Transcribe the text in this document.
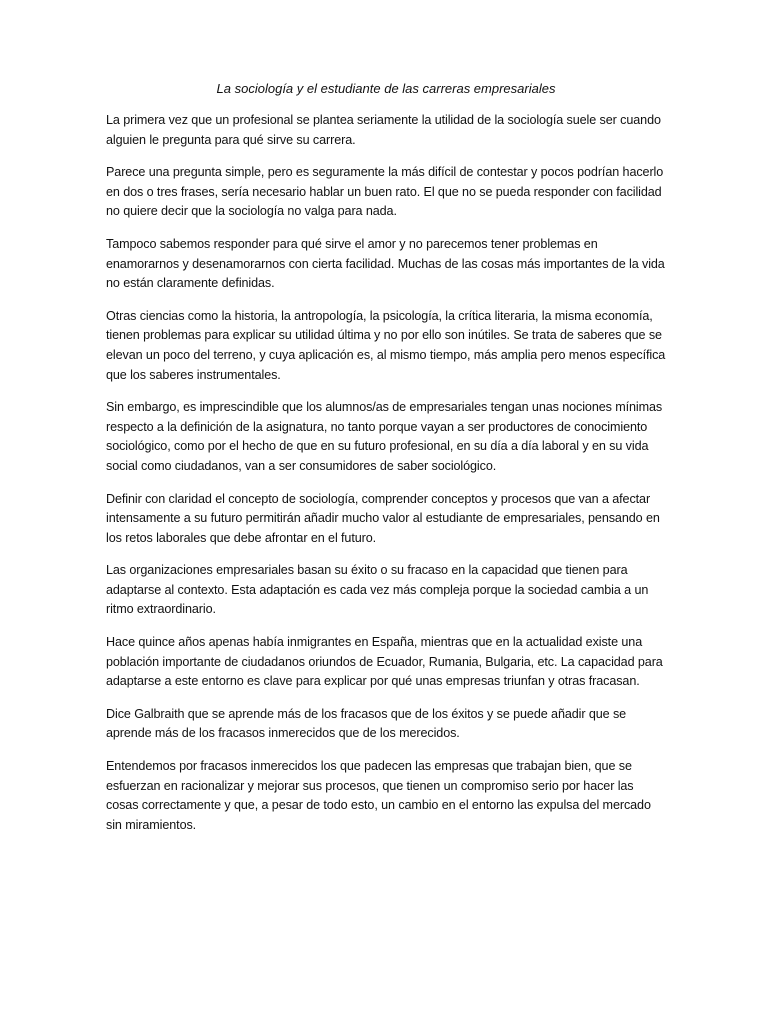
La sociología y el estudiante de las carreras empresariales

La primera vez que un profesional se plantea seriamente la utilidad de la sociología suele ser cuando alguien le pregunta para qué sirve su carrera.

Parece una pregunta simple, pero es seguramente la más difícil de contestar y pocos podrían hacerlo en dos o tres frases, sería necesario hablar un buen rato. El que no se pueda responder con facilidad no quiere decir que la sociología no valga para nada.

Tampoco sabemos responder para qué sirve el amor y no parecemos tener problemas en enamorarnos y desenamorarnos con cierta facilidad. Muchas de las cosas más importantes de la vida no están claramente definidas.

Otras ciencias como la historia, la antropología, la psicología, la crítica literaria, la misma economía, tienen problemas para explicar su utilidad última y no por ello son inútiles. Se trata de saberes que se elevan un poco del terreno, y cuya aplicación es, al mismo tiempo, más amplia pero menos específica que los saberes instrumentales.

Sin embargo, es imprescindible que los alumnos/as de empresariales tengan unas nociones mínimas respecto a la definición de la asignatura, no tanto porque vayan a ser productores de conocimiento sociológico, como por el hecho de que en su futuro profesional, en su día a día laboral y en su vida social como ciudadanos, van a ser consumidores de saber sociológico.

Definir con claridad el concepto de sociología, comprender conceptos y procesos que van a afectar intensamente a su futuro permitirán añadir mucho valor al estudiante de empresariales, pensando en los retos laborales que debe afrontar en el futuro.

Las organizaciones empresariales basan su éxito o su fracaso en la capacidad que tienen para adaptarse al contexto. Esta adaptación es cada vez más compleja porque la sociedad cambia a un ritmo extraordinario.

Hace quince años apenas había inmigrantes en España, mientras que en la actualidad existe una población importante de ciudadanos oriundos de Ecuador, Rumania, Bulgaria, etc. La capacidad para adaptarse a este entorno es clave para explicar por qué unas empresas triunfan y otras fracasan.

Dice Galbraith que se aprende más de los fracasos que de los éxitos y se puede añadir que se aprende más de los fracasos inmerecidos que de los merecidos.

Entendemos por fracasos inmerecidos los que padecen las empresas que trabajan bien, que se esfuerzan en racionalizar y mejorar sus procesos, que tienen un compromiso serio por hacer las cosas correctamente y que, a pesar de todo esto, un cambio en el entorno las expulsa del mercado sin miramientos.
